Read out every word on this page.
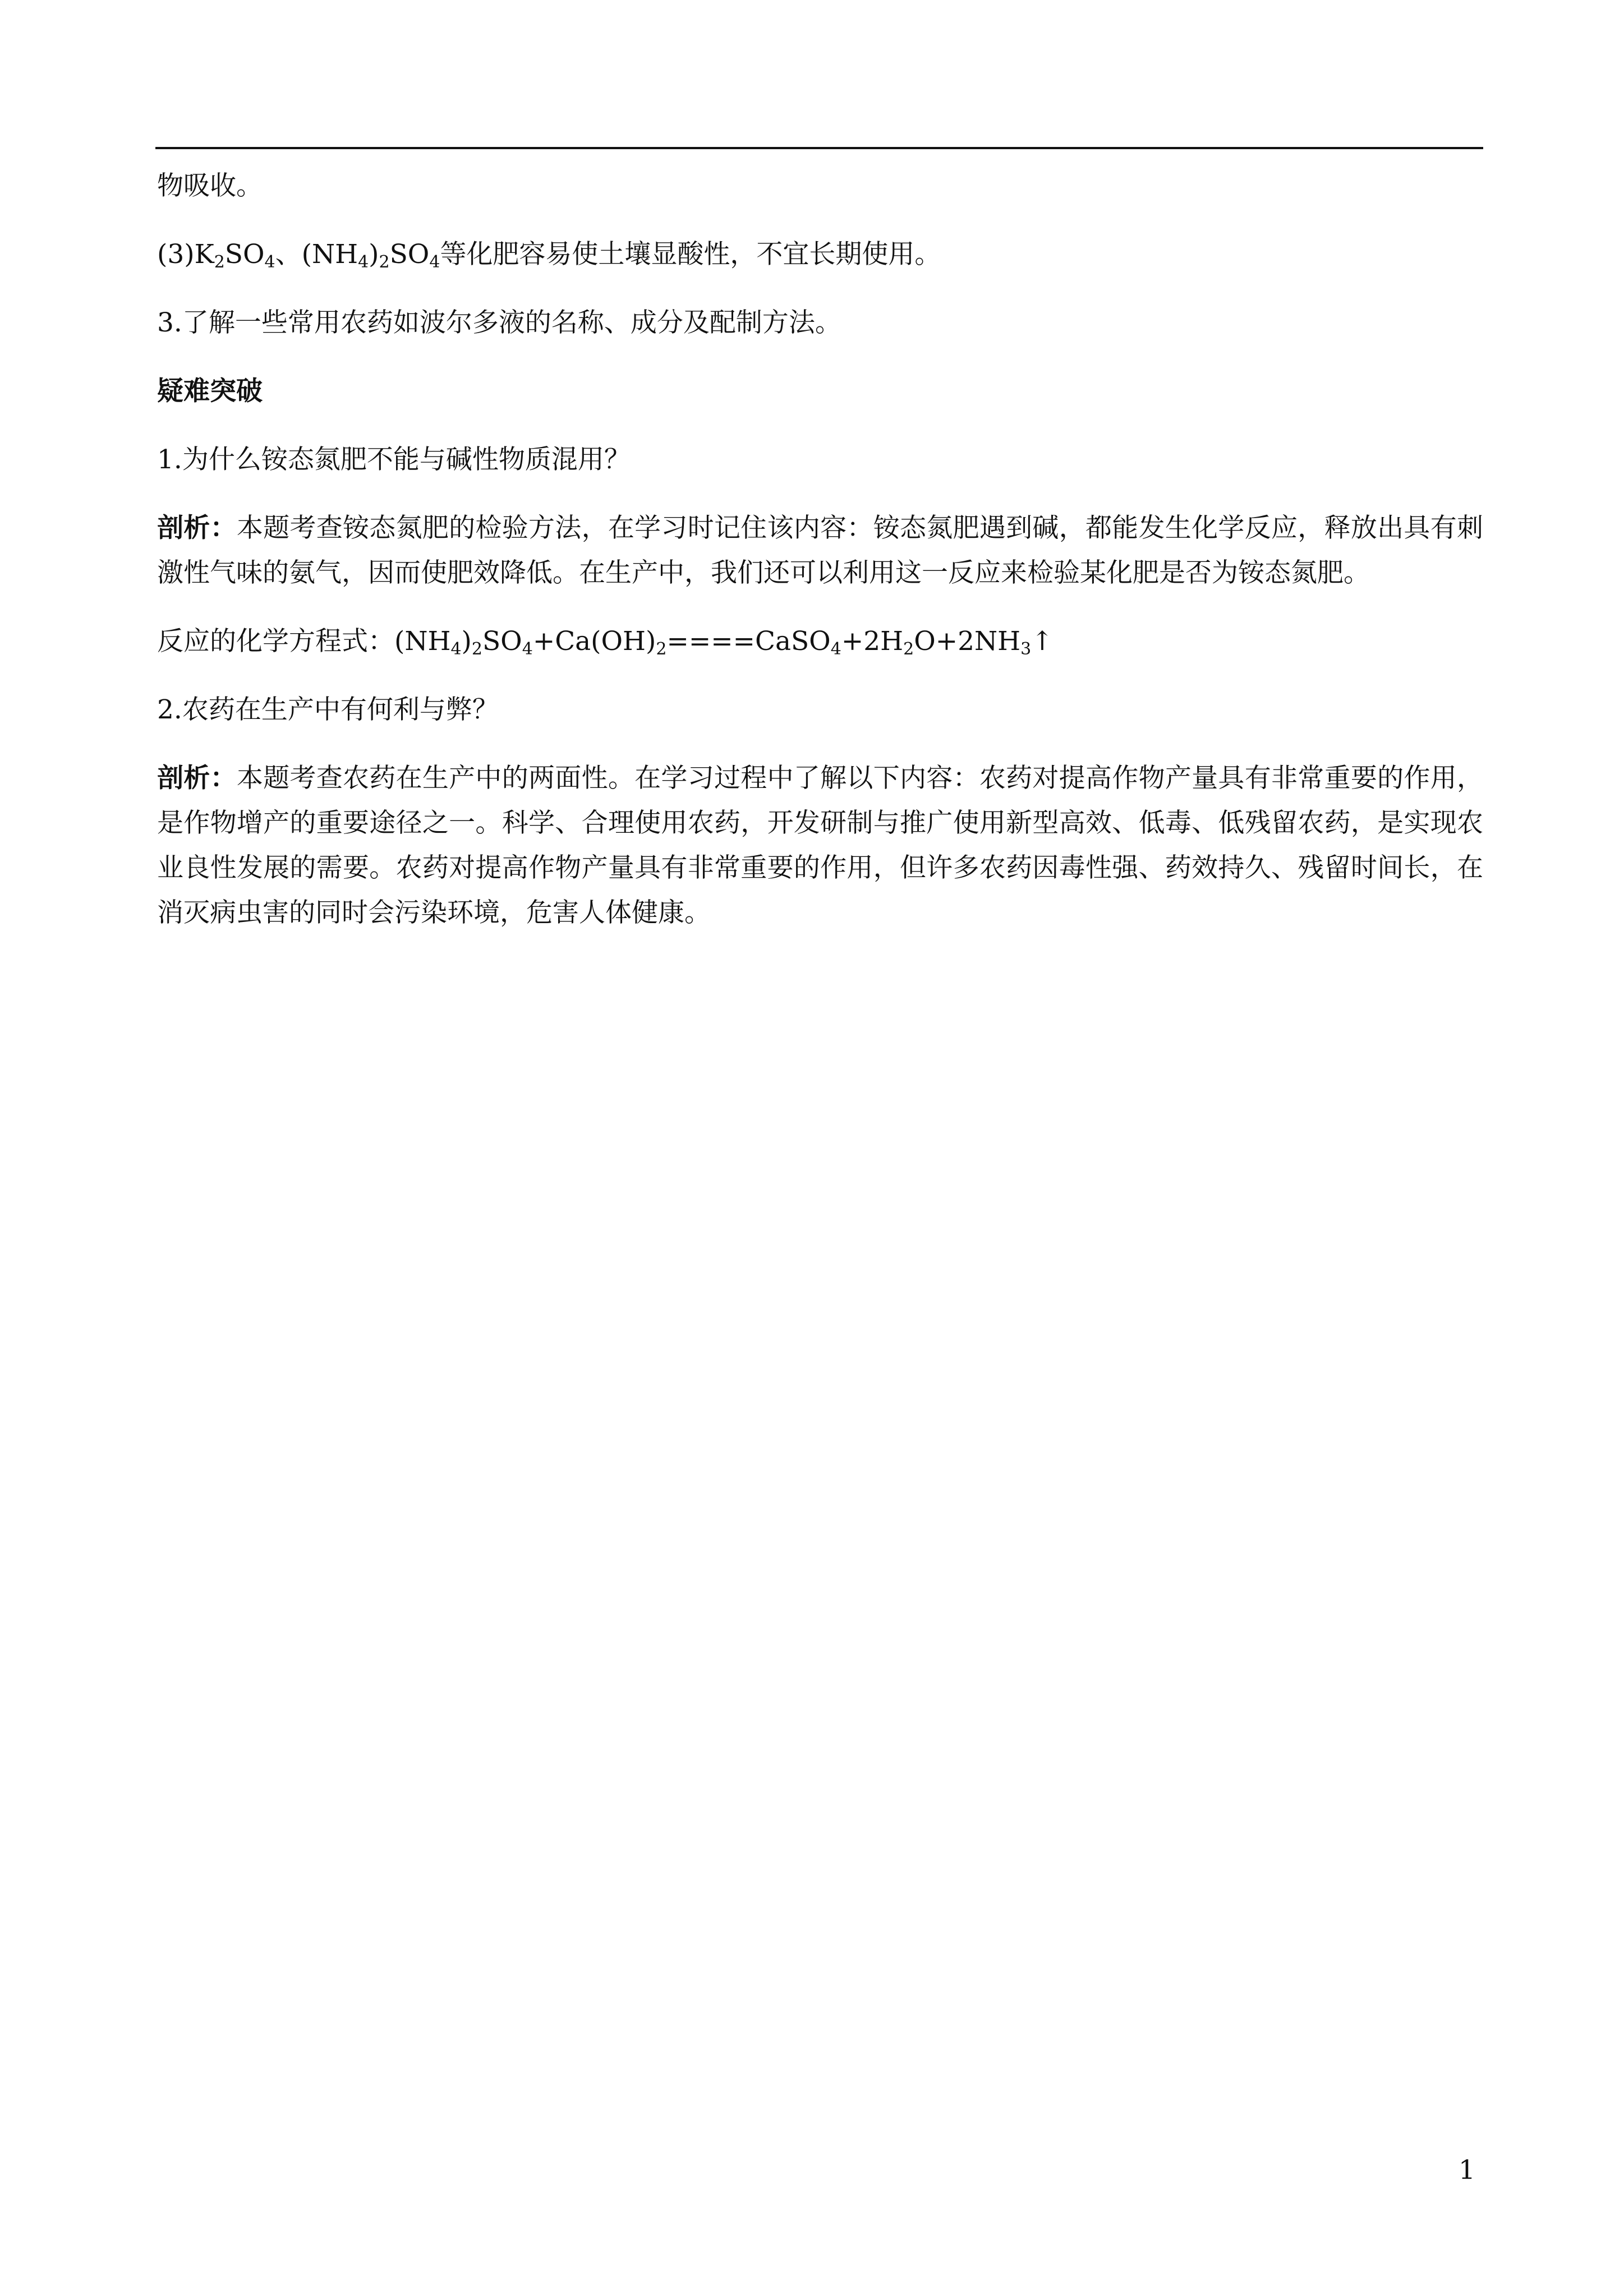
物吸收。

$(3)K_2SO_4$、$(NH_4)_2SO_4$等化肥容易使土壤显酸性，不宜长期使用。

3.了解一些常用农药如波尔多液的名称、成分及配制方法。

疑难突破

1.为什么铵态氮肥不能与碱性物质混用？

剖析：本题考查铵态氮肥的检验方法，在学习时记住该内容：铵态氮肥遇到碱，都能发生化学反应，释放出具有刺激性气味的氨气，因而使肥效降低。在生产中，我们还可以利用这一反应来检验某化肥是否为铵态氮肥。

反应的化学方程式：$(NH_4)_2SO_4+Ca(OH)_2====CaSO_4+2H_2O+2NH_3↑$

2.农药在生产中有何利与弊？

剖析：本题考查农药在生产中的两面性。在学习过程中了解以下内容：农药对提高作物产量具有非常重要的作用，是作物增产的重要途径之一。科学、合理使用农药，开发研制与推广使用新型高效、低毒、低残留农药，是实现农业良性发展的需要。农药对提高作物产量具有非常重要的作用，但许多农药因毒性强、药效持久、残留时间长，在消灭病虫害的同时会污染环境，危害人体健康。

1
